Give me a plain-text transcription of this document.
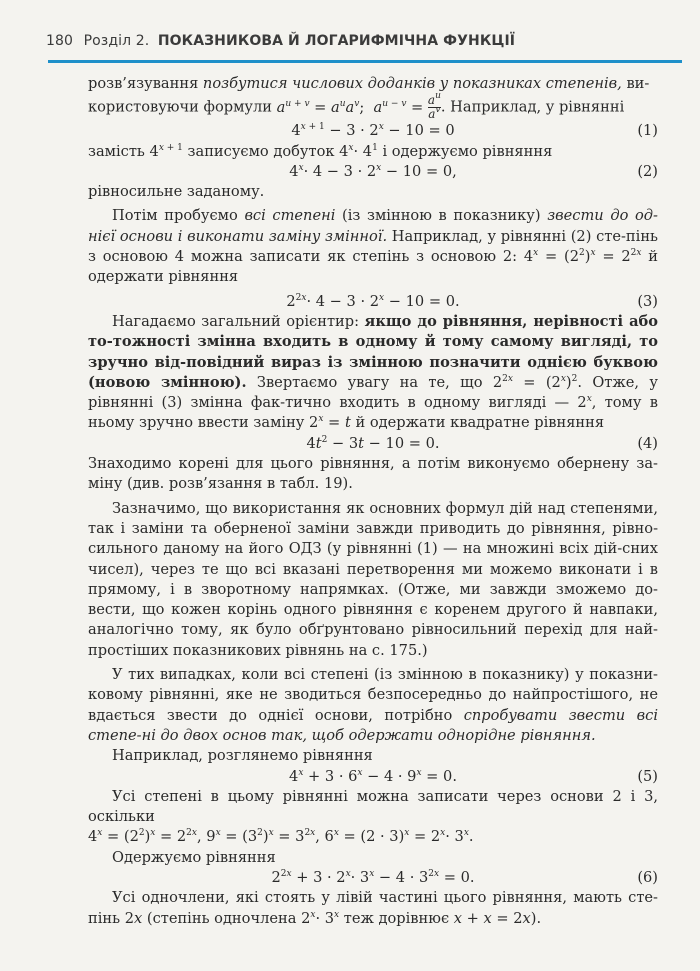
180 Розділ 2. ПОКАЗНИКОВА Й ЛОГАРИФМІЧНА ФУНКЦІЇ

розв’язування позбутися числових доданків у показниках степенів, ви-

користовуючи формули $a^{u + v} = a^ua^v$;  $a^{u - v} = \frac{a^u}{a^v}$ . Наприклад, у рівнянні

$4^{x + 1} - 3 \cdot 2^x - 10 = 0$	(1)

замість $4^{x + 1}$ записуємо добуток $4^x\cdot 4^1$ і одержуємо рівняння

$4^x\cdot 4 - 3 \cdot 2^x - 10 = 0$,	(2)

рівносильне заданому.

Потім пробуємо всі степені (із змінною в показнику) звести до од-нієї основи і виконати заміну змінної. Наприклад, у рівнянні (2) сте-пінь з основою 4 можна записати як степінь з основою 2: $4^x = (2^2)^x = 2^{2x}$ й одержати рівняння

$2^{2x}\cdot 4 - 3 \cdot 2^x - 10 = 0$.	(3)

Нагадаємо загальний орієнтир: якщо до рівняння, нерівності або то-тожності змінна входить в одному й тому самому вигляді, то зручно від-повідний вираз із змінною позначити однією буквою (новою змінною). Звертаємо увагу на те, що $2^{2x} = (2^x)^2$. Отже, у рівнянні (3) змінна фак-тично входить в одному вигляді — 2$^x$, тому в ньому зручно ввести заміну $2^x = t$ й одержати квадратне рівняння

$4t^2 - 3t - 10 = 0$.	(4)

Знаходимо корені для цього рівняння, а потім виконуємо обернену за-міну (див. розв’язання в табл. 19).

Зазначимо, що використання як основних формул дій над степенями, так і заміни та оберненої заміни завжди приводить до рівняння, рівно-сильного даному на його ОДЗ (у рівнянні (1) — на множині всіх дій-сних чисел), через те що всі вказані перетворення ми можемо виконати і в прямому, і в зворотному напрямках. (Отже, ми завжди зможемо до-вести, що кожен корінь одного рівняння є коренем другого й навпаки, аналогічно тому, як було обґрунтовано рівносильний перехід для най-простіших показникових рівнянь на с. 175.)

У тих випадках, коли всі степені (із змінною в показнику) у показни-ковому рівнянні, яке не зводиться безпосередньо до найпростішого, не вдається звести до однієї основи, потрібно спробувати звести всі степе-ні до двох основ так, щоб одержати однорідне рівняння.

Наприклад, розглянемо рівняння

$4^x + 3 \cdot 6^x - 4 \cdot 9^x = 0$.	(5)

Усі степені в цьому рівнянні можна записати через основи 2 і 3, оскільки

$4^x = (2^2)^x = 2^{2x}$, $9^x = (3^2)^x = 3^{2x}$, $6^x = (2 \cdot 3)^x = 2^x\cdot 3^x$.

Одержуємо рівняння

$2^{2x} + 3 \cdot 2^x\cdot 3^x - 4 \cdot 3^{2x} = 0$.	(6)

Усі одночлени, які стоять у лівій частині цього рівняння, мають сте-пінь 2x (степінь одночлена $2^x\cdot 3^x$ теж дорівнює x + x = 2x).
